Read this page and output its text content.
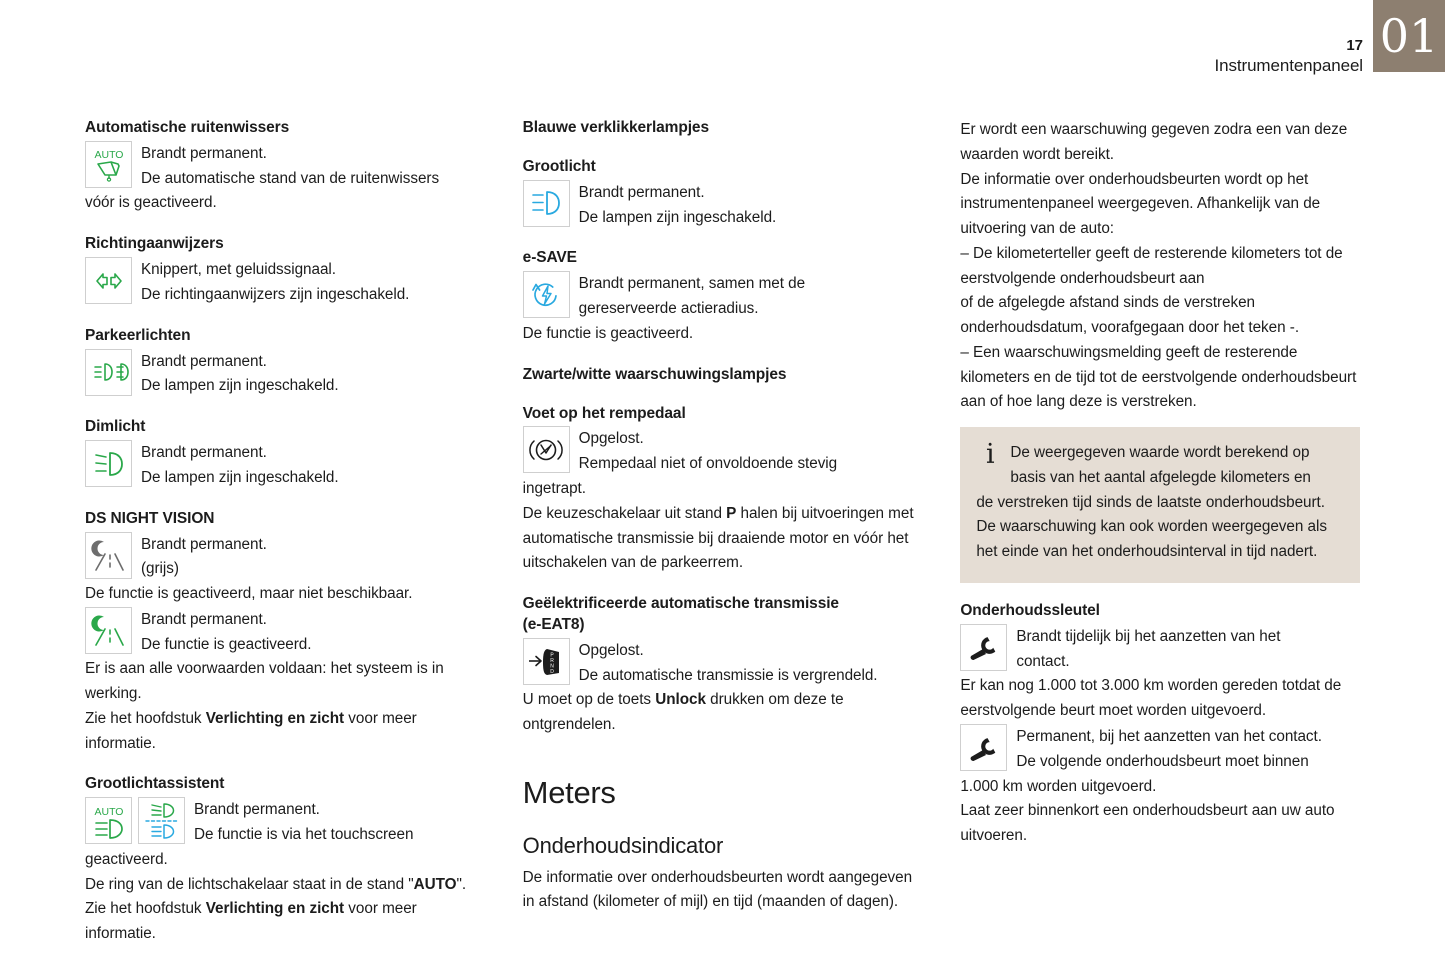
17
Instrumentenpaneel
01
Automatische ruitenwissers
AUTO Brandt permanent.
De automatische stand van de ruitenwissers

vóór is geactiveerd.

Richtingaanwijzers
Knippert, met geluidssignaal.
De richtingaanwijzers zijn ingeschakeld.
Parkeerlichten
Brandt permanent.
De lampen zijn ingeschakeld.
Dimlicht
Brandt permanent.
De lampen zijn ingeschakeld.
DS NIGHT VISION
Brandt permanent.
(grijs)

De functie is geactiveerd, maar niet beschikbaar.

Brandt permanent.
De functie is geactiveerd.

Er is aan alle voorwaarden voldaan: het systeem is in werking.

Zie het hoofdstuk Verlichting en zicht voor meer informatie.

Grootlichtassistent
AUTO	Brandt permanent.
De functie is via het touchscreen

geactiveerd.

De ring van de lichtschakelaar staat in de stand "AUTO".

Zie het hoofdstuk Verlichting en zicht voor meer informatie.

Blauwe verklikkerlampjes
Grootlicht
Brandt permanent.
De lampen zijn ingeschakeld.
e-SAVE
Brandt permanent, samen met de
gereserveerde actieradius.

De functie is geactiveerd.

Zwarte/witte waarschuwingslampjes
Voet op het rempedaal
Opgelost.
Rempedaal niet of onvoldoende stevig

ingetrapt.

De keuzeschakelaar uit stand P halen bij uitvoeringen met automatische transmissie bij draaiende motor en vóór het uitschakelen van de parkeerrem.

Geëlektrificeerde automatische transmissie
(e-EAT8)
P
R
N
D
Opgelost.
De automatische transmissie is vergrendeld.

U moet op de toets Unlock drukken om deze te ontgrendelen.

Meters
Onderhoudsindicator

De informatie over onderhoudsbeurten wordt aangegeven in afstand (kilometer of mijl) en tijd (maanden of dagen).

Er wordt een waarschuwing gegeven zodra een van deze waarden wordt bereikt.

De informatie over onderhoudsbeurten wordt op het instrumentenpaneel weergegeven. Afhankelijk van de uitvoering van de auto:

– De kilometerteller geeft de resterende kilometers tot de eerstvolgende onderhoudsbeurt aan

of de afgelegde afstand sinds de verstreken onderhoudsdatum, voorafgegaan door het teken -.

– Een waarschuwingsmelding geeft de resterende kilometers en de tijd tot de eerstvolgende onderhoudsbeurt aan of hoe lang deze is verstreken.

i De weergegeven waarde wordt berekend op basis van het aantal afgelegde kilometers en

de verstreken tijd sinds de laatste onderhoudsbeurt.

De waarschuwing kan ook worden weergegeven als het einde van het onderhoudsinterval in tijd nadert.

Onderhoudssleutel
Brandt tijdelijk bij het aanzetten van het
contact.

Er kan nog 1.000 tot 3.000 km worden gereden totdat de eerstvolgende beurt moet worden uitgevoerd.

Permanent, bij het aanzetten van het contact.
De volgende onderhoudsbeurt moet binnen

1.000 km worden uitgevoerd.

Laat zeer binnenkort een onderhoudsbeurt aan uw auto uitvoeren.
